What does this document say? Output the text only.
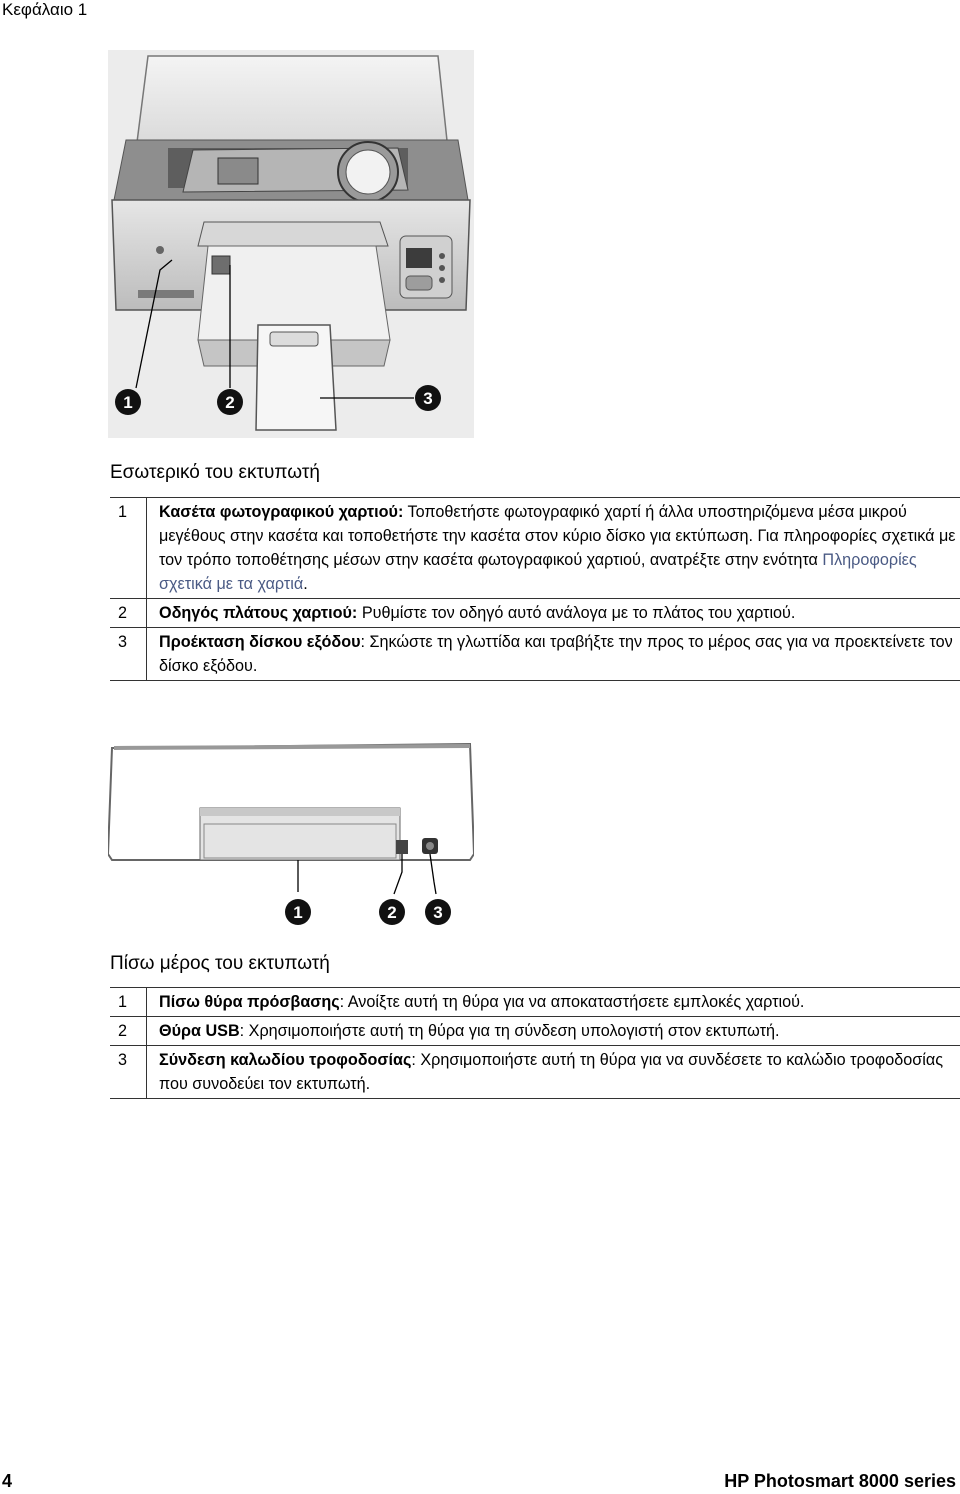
Κεφάλαιο 1
1	2	3
Εσωτερικό του εκτυπωτή
1	Κασέτα φωτογραφικού χαρτιού: Τοποθετήστε φωτογραφικό χαρτί ή άλλα υποστηριζόμενα μέσα μικρού μεγέθους στην κασέτα και τοποθετήστε την κασέτα στον κύριο δίσκο για εκτύπωση. Για πληροφορίες σχετικά με τον τρόπο τοποθέτησης μέσων στην κασέτα φωτογραφικού χαρτιού, ανατρέξτε στην ενότητα Πληροφορίες σχετικά με τα χαρτιά.
2	Οδηγός πλάτους χαρτιού: Ρυθμίστε τον οδηγό αυτό ανάλογα με το πλάτος του χαρτιού.
3	Προέκταση δίσκου εξόδου: Σηκώστε τη γλωττίδα και τραβήξτε την προς το μέρος σας για να προεκτείνετε τον δίσκο εξόδου.
1	2 3
Πίσω μέρος του εκτυπωτή
1	Πίσω θύρα πρόσβασης: Ανοίξτε αυτή τη θύρα για να αποκαταστήσετε εμπλοκές χαρτιού.
2	Θύρα USB: Χρησιμοποιήστε αυτή τη θύρα για τη σύνδεση υπολογιστή στον εκτυπωτή.
3	Σύνδεση καλωδίου τροφοδοσίας: Χρησιμοποιήστε αυτή τη θύρα για να συνδέσετε το καλώδιο τροφοδοσίας που συνοδεύει τον εκτυπωτή.
4	HP Photosmart 8000 series
